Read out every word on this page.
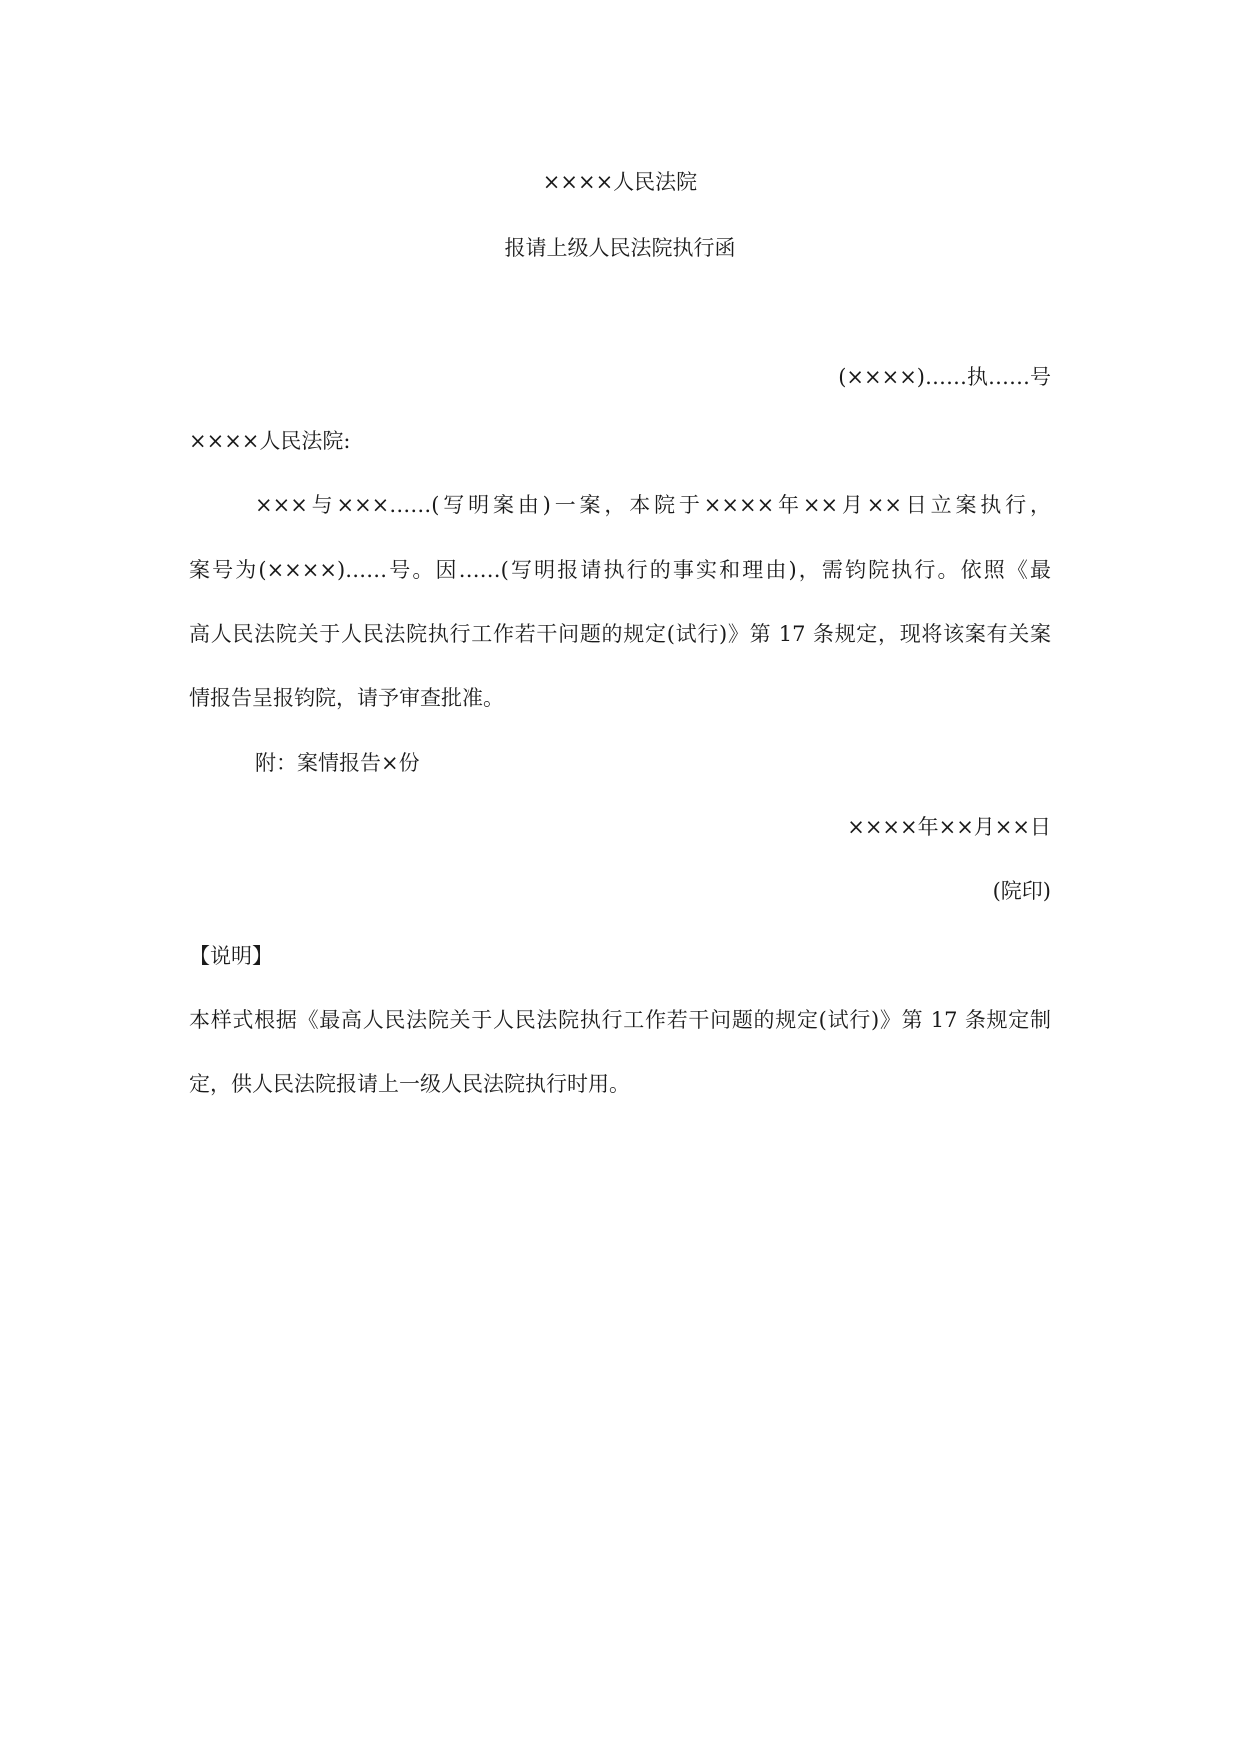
××××人民法院
报请上级人民法院执行函
(××××)……执……号
××××人民法院:
×××与×××……(写明案由)一案，本院于××××年××月××日立案执行，
案号为(××××)……号。因……(写明报请执行的事实和理由)，需钧院执行。依照《最
高人民法院关于人民法院执行工作若干问题的规定(试行)》第 17 条规定，现将该案有关案
情报告呈报钧院，请予审查批准。
附：案情报告×份
××××年××月××日
(院印)
【说明】
本样式根据《最高人民法院关于人民法院执行工作若干问题的规定(试行)》第 17 条规定制
定，供人民法院报请上一级人民法院执行时用。
